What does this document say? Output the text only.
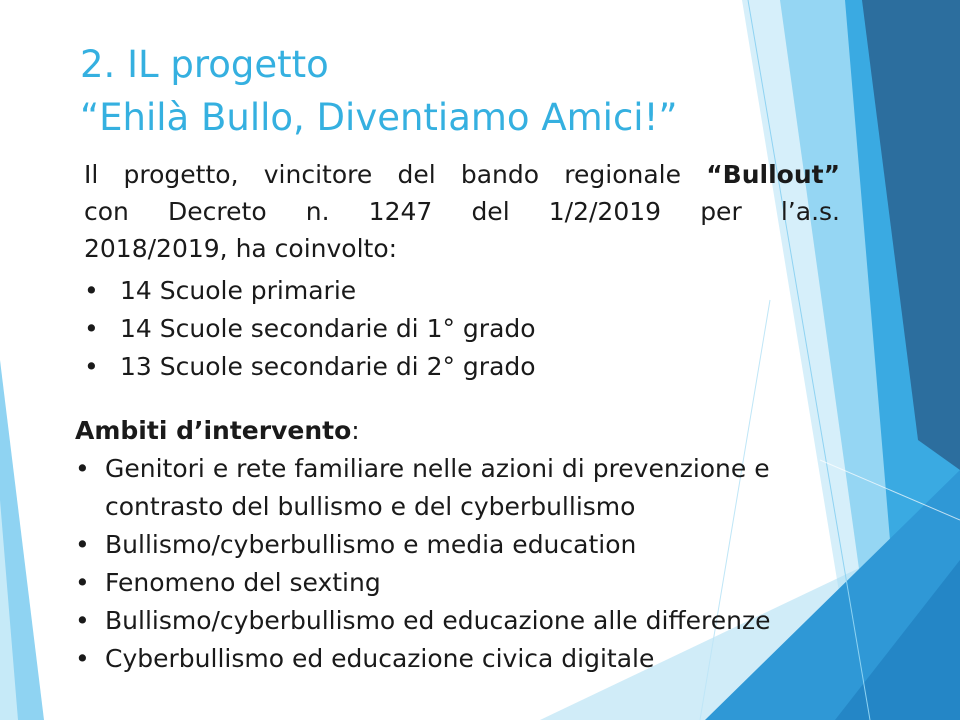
2. IL progetto
“Ehilà Bullo, Diventiamo Amici!”
Il progetto, vincitore del bando regionale “Bullout”
con Decreto n. 1247 del 1/2/2019 per l’a.s.
2018/2019, ha coinvolto:
• 14 Scuole primarie
• 14 Scuole secondarie di 1° grado
• 13 Scuole secondarie di 2° grado
Ambiti d’intervento:
• Genitori e rete familiare nelle azioni di prevenzione e
contrasto del bullismo e del cyberbullismo
• Bullismo/cyberbullismo e media education
• Fenomeno del sexting
• Bullismo/cyberbullismo ed educazione alle differenze
• Cyberbullismo ed educazione civica digitale
